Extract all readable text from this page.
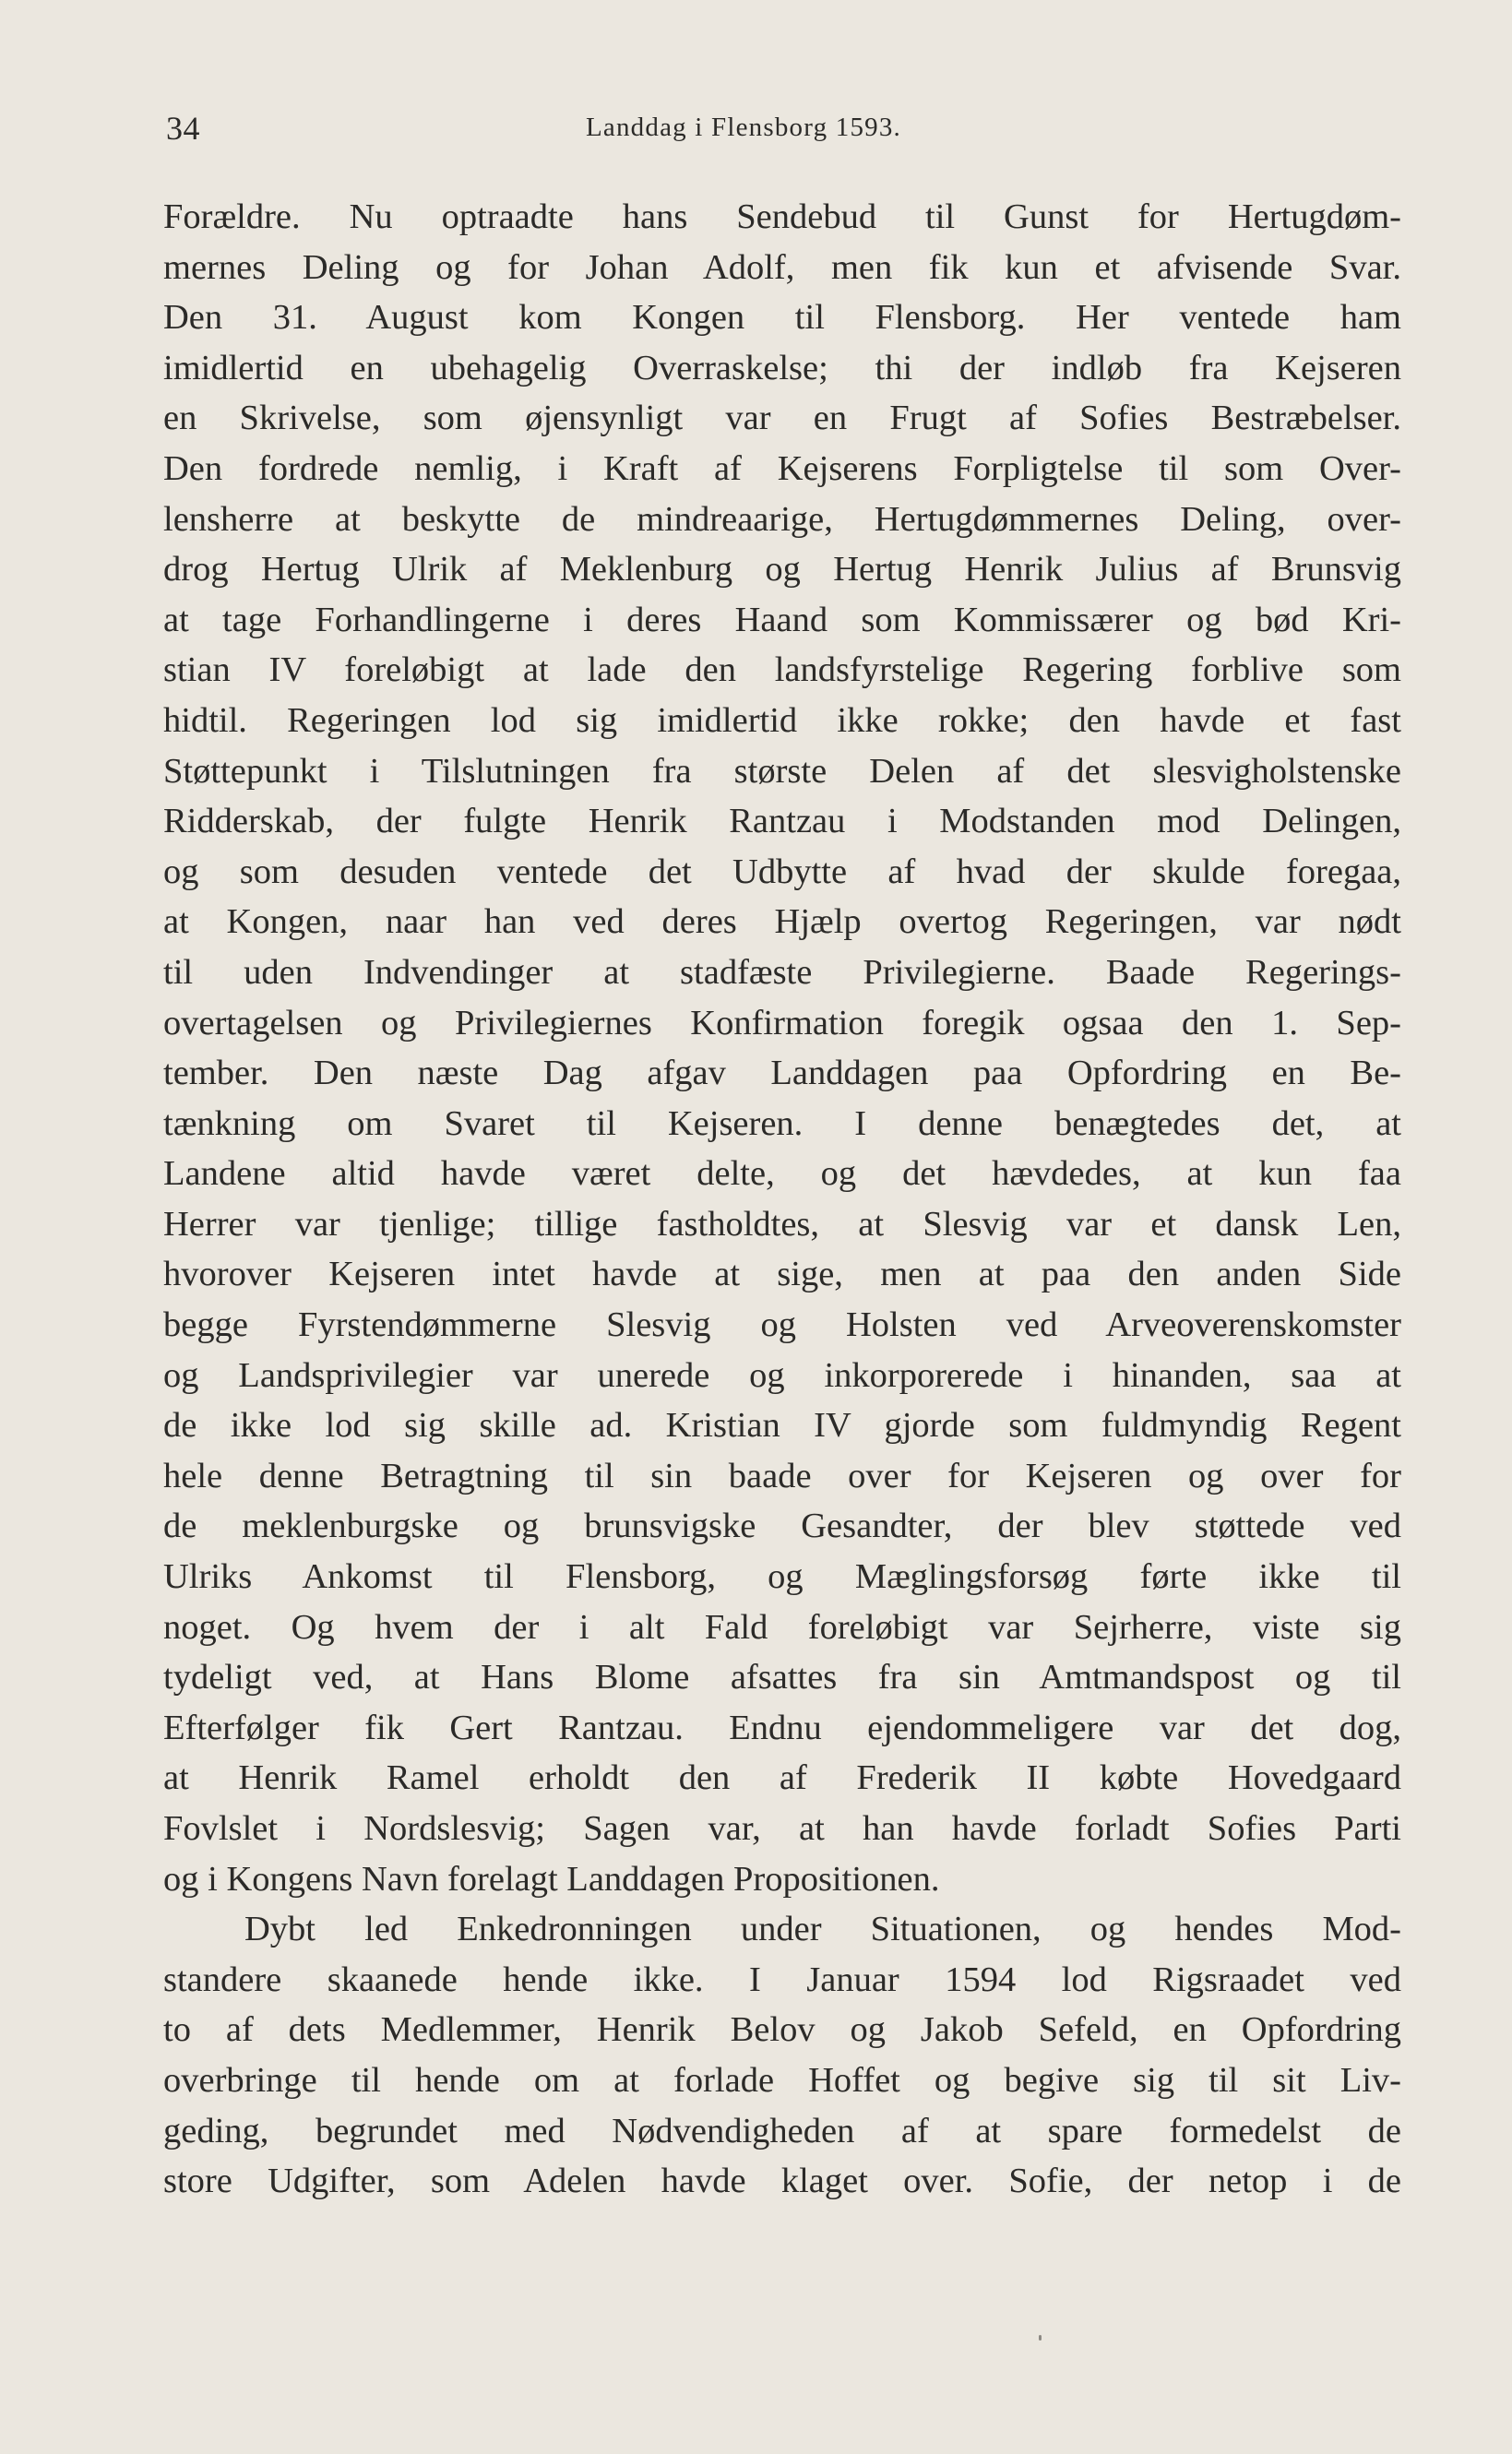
34	Landdag i Flensborg 1593.
Forældre. Nu optraadte hans Sendebud til Gunst for Hertugdøm-
mernes Deling og for Johan Adolf, men fik kun et afvisende Svar.
Den 31. August kom Kongen til Flensborg. Her ventede ham
imidlertid en ubehagelig Overraskelse; thi der indløb fra Kejseren
en Skrivelse, som øjensynligt var en Frugt af Sofies Bestræbelser.
Den fordrede nemlig, i Kraft af Kejserens Forpligtelse til som Over-
lensherre at beskytte de mindreaarige, Hertugdømmernes Deling, over-
drog Hertug Ulrik af Meklenburg og Hertug Henrik Julius af Brunsvig
at tage Forhandlingerne i deres Haand som Kommissærer og bød Kri-
stian IV foreløbigt at lade den landsfyrstelige Regering forblive som
hidtil. Regeringen lod sig imidlertid ikke rokke; den havde et fast
Støttepunkt i Tilslutningen fra største Delen af det slesvigholstenske
Ridderskab, der fulgte Henrik Rantzau i Modstanden mod Delingen,
og som desuden ventede det Udbytte af hvad der skulde foregaa,
at Kongen, naar han ved deres Hjælp overtog Regeringen, var nødt
til uden Indvendinger at stadfæste Privilegierne. Baade Regerings-
overtagelsen og Privilegiernes Konfirmation foregik ogsaa den 1. Sep-
tember. Den næste Dag afgav Landdagen paa Opfordring en Be-
tænkning om Svaret til Kejseren. I denne benægtedes det, at
Landene altid havde været delte, og det hævdedes, at kun faa
Herrer var tjenlige; tillige fastholdtes, at Slesvig var et dansk Len,
hvorover Kejseren intet havde at sige, men at paa den anden Side
begge Fyrstendømmerne Slesvig og Holsten ved Arveoverenskomster
og Landsprivilegier var unerede og inkorporerede i hinanden, saa at
de ikke lod sig skille ad. Kristian IV gjorde som fuldmyndig Regent
hele denne Betragtning til sin baade over for Kejseren og over for
de meklenburgske og brunsvigske Gesandter, der blev støttede ved
Ulriks Ankomst til Flensborg, og Mæglingsforsøg førte ikke til
noget. Og hvem der i alt Fald foreløbigt var Sejrherre, viste sig
tydeligt ved, at Hans Blome afsattes fra sin Amtmandspost og til
Efterfølger fik Gert Rantzau. Endnu ejendommeligere var det dog,
at Henrik Ramel erholdt den af Frederik II købte Hovedgaard
Fovlslet i Nordslesvig; Sagen var, at han havde forladt Sofies Parti
og i Kongens Navn forelagt Landdagen Propositionen.
Dybt led Enkedronningen under Situationen, og hendes Mod-
standere skaanede hende ikke. I Januar 1594 lod Rigsraadet ved
to af dets Medlemmer, Henrik Belov og Jakob Sefeld, en Opfordring
overbringe til hende om at forlade Hoffet og begive sig til sit Liv-
geding, begrundet med Nødvendigheden af at spare formedelst de
store Udgifter, som Adelen havde klaget over. Sofie, der netop i de
